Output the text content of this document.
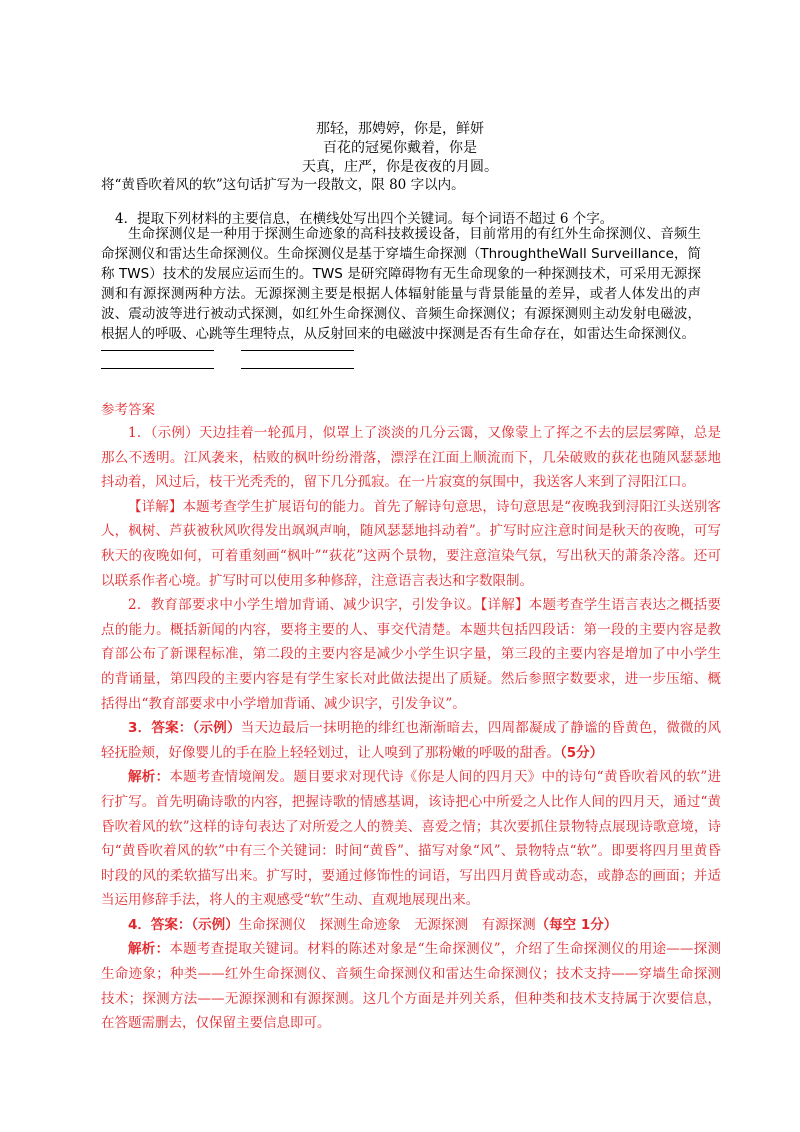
那轻，那娉婷，你是，鲜妍
百花的冠冕你戴着，你是
天真，庄严，你是夜夜的月圆。
将“黄昏吹着风的软”这句话扩写为一段散文，限 80 字以内。
4．提取下列材料的主要信息，在横线处写出四个关键词。每个词语不超过 6 个字。
生命探测仪是一种用于探测生命迹象的高科技救援设备，目前常用的有红外生命探测仪、音频生命探测仪和雷达生命探测仪。生命探测仪是基于穿墙生命探测（ThroughtheWall Surveillance，简称 TWS）技术的发展应运而生的。TWS 是研究障碍物有无生命现象的一种探测技术，可采用无源探测和有源探测两种方法。无源探测主要是根据人体辐射能量与背景能量的差异，或者人体发出的声波、震动波等进行被动式探测，如红外生命探测仪、音频生命探测仪；有源探测则主动发射电磁波，根据人的呼吸、心跳等生理特点，从反射回来的电磁波中探测是否有生命存在，如雷达生命探测仪。
参考答案

1．（示例）天边挂着一轮孤月，似罩上了淡淡的几分云霭，又像蒙上了挥之不去的层层雾障，总是那么不透明。江风袭来，枯败的枫叶纷纷滑落，漂浮在江面上顺流而下，几朵破败的荻花也随风瑟瑟地抖动着，风过后，枝干光秃秃的，留下几分孤寂。在一片寂寞的氛围中，我送客人来到了浔阳江口。

【详解】本题考查学生扩展语句的能力。首先了解诗句意思，诗句意思是“夜晚我到浔阳江头送别客人，枫树、芦荻被秋风吹得发出飒飒声响，随风瑟瑟地抖动着”。扩写时应注意时间是秋天的夜晚，可写秋天的夜晚如何，可着重刻画“枫叶”“荻花”这两个景物，要注意渲染气氛，写出秋天的萧条冷落。还可以联系作者心境。扩写时可以使用多种修辞，注意语言表达和字数限制。

2．教育部要求中小学生增加背诵、减少识字，引发争议。【详解】本题考查学生语言表达之概括要点的能力。概括新闻的内容，要将主要的人、事交代清楚。本题共包括四段话：第一段的主要内容是教育部公布了新课程标准，第二段的主要内容是减少小学生识字量，第三段的主要内容是增加了中小学生的背诵量，第四段的主要内容是有学生家长对此做法提出了质疑。然后参照字数要求，进一步压缩、概括得出“教育部要求中小学增加背诵、减少识字，引发争议”。

3．答案：（示例）当天边最后一抹明艳的绯红也渐渐暗去，四周都凝成了静谧的昏黄色，微微的风轻抚脸颊，好像婴儿的手在脸上轻轻划过，让人嗅到了那粉嫩的呼吸的甜香。（5分）

解析：本题考查情境阐发。题目要求对现代诗《你是人间的四月天》中的诗句“黄昏吹着风的软”进行扩写。首先明确诗歌的内容，把握诗歌的情感基调，该诗把心中所爱之人比作人间的四月天，通过“黄昏吹着风的软”这样的诗句表达了对所爱之人的赞美、喜爱之情；其次要抓住景物特点展现诗歌意境，诗句“黄昏吹着风的软”中有三个关键词：时间“黄昏”、描写对象“风”、景物特点“软”。即要将四月里黄昏时段的风的柔软描写出来。扩写时，要通过修饰性的词语，写出四月黄昏或动态，或静态的画面；并适当运用修辞手法，将人的主观感受“软”生动、直观地展现出来。

4．答案：（示例）生命探测仪　探测生命迹象　无源探测　有源探测（每空 1分）

解析：本题考查提取关键词。材料的陈述对象是“生命探测仪”，介绍了生命探测仪的用途——探测生命迹象；种类——红外生命探测仪、音频生命探测仪和雷达生命探测仪；技术支持——穿墙生命探测技术；探测方法——无源探测和有源探测。这几个方面是并列关系，但种类和技术支持属于次要信息，在答题需删去，仅保留主要信息即可。
